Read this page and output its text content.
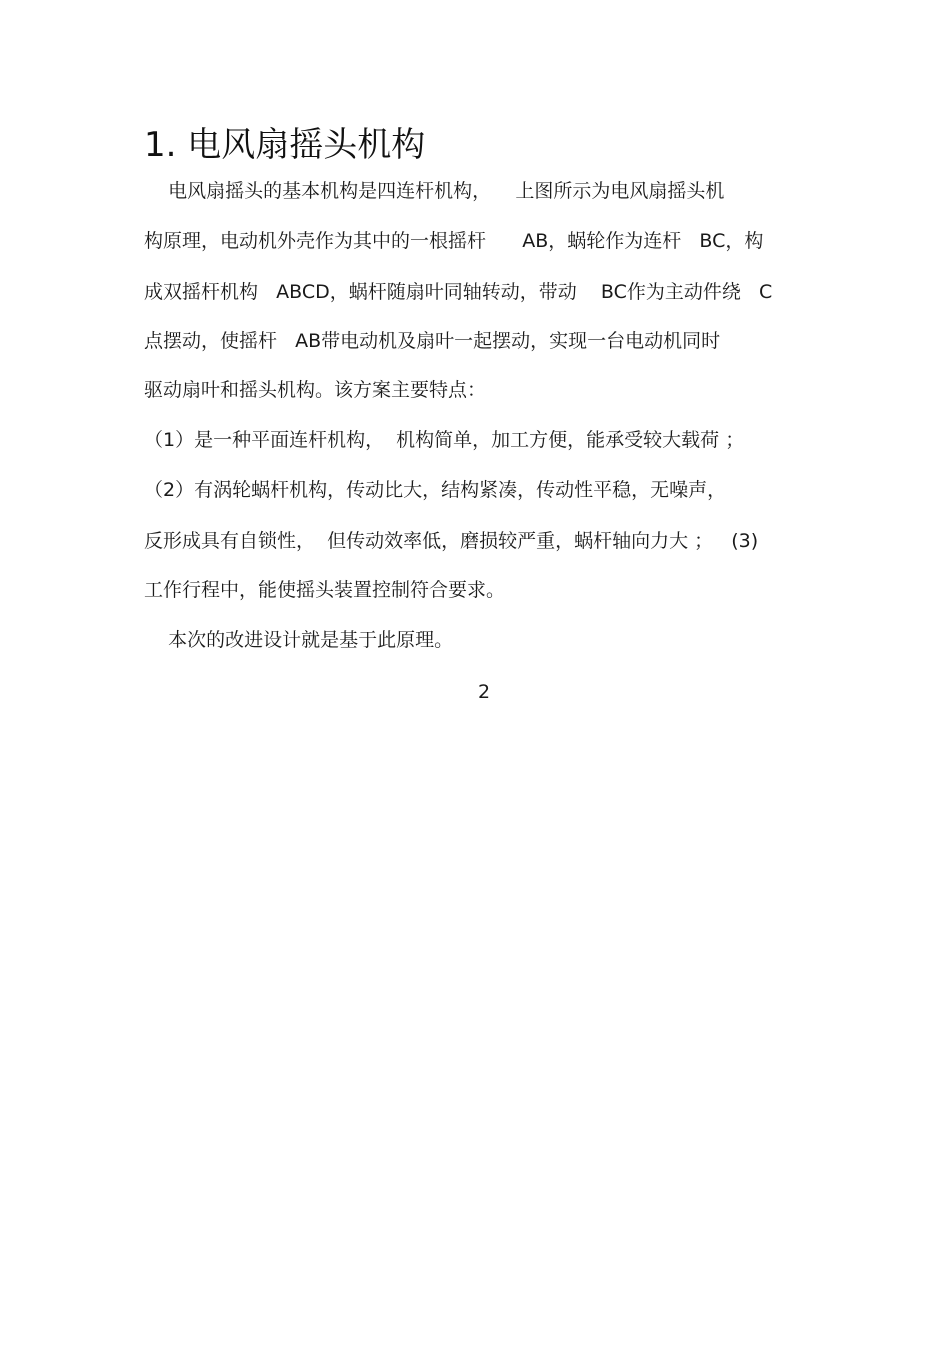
1. 电风扇摇头机构
电风扇摇头的基本机构是四连杆机构，    上图所示为电风扇摇头机
构原理，电动机外壳作为其中的一根摇杆      AB，蜗轮作为连杆   BC，构
成双摇杆机构   ABCD，蜗杆随扇叶同轴转动，带动    BC作为主动件绕   C
点摆动，使摇杆   AB带电动机及扇叶一起摆动，实现一台电动机同时
驱动扇叶和摇头机构。该方案主要特点：
（1）是一种平面连杆机构，  机构简单，加工方便，能承受较大载荷 ；
（2）有涡轮蜗杆机构，传动比大，结构紧凑，传动性平稳，无噪声，
反形成具有自锁性，  但传动效率低，磨损较严重，蜗杆轴向力大 ；   (3)
工作行程中，能使摇头装置控制符合要求。
本次的改进设计就是基于此原理。
2
